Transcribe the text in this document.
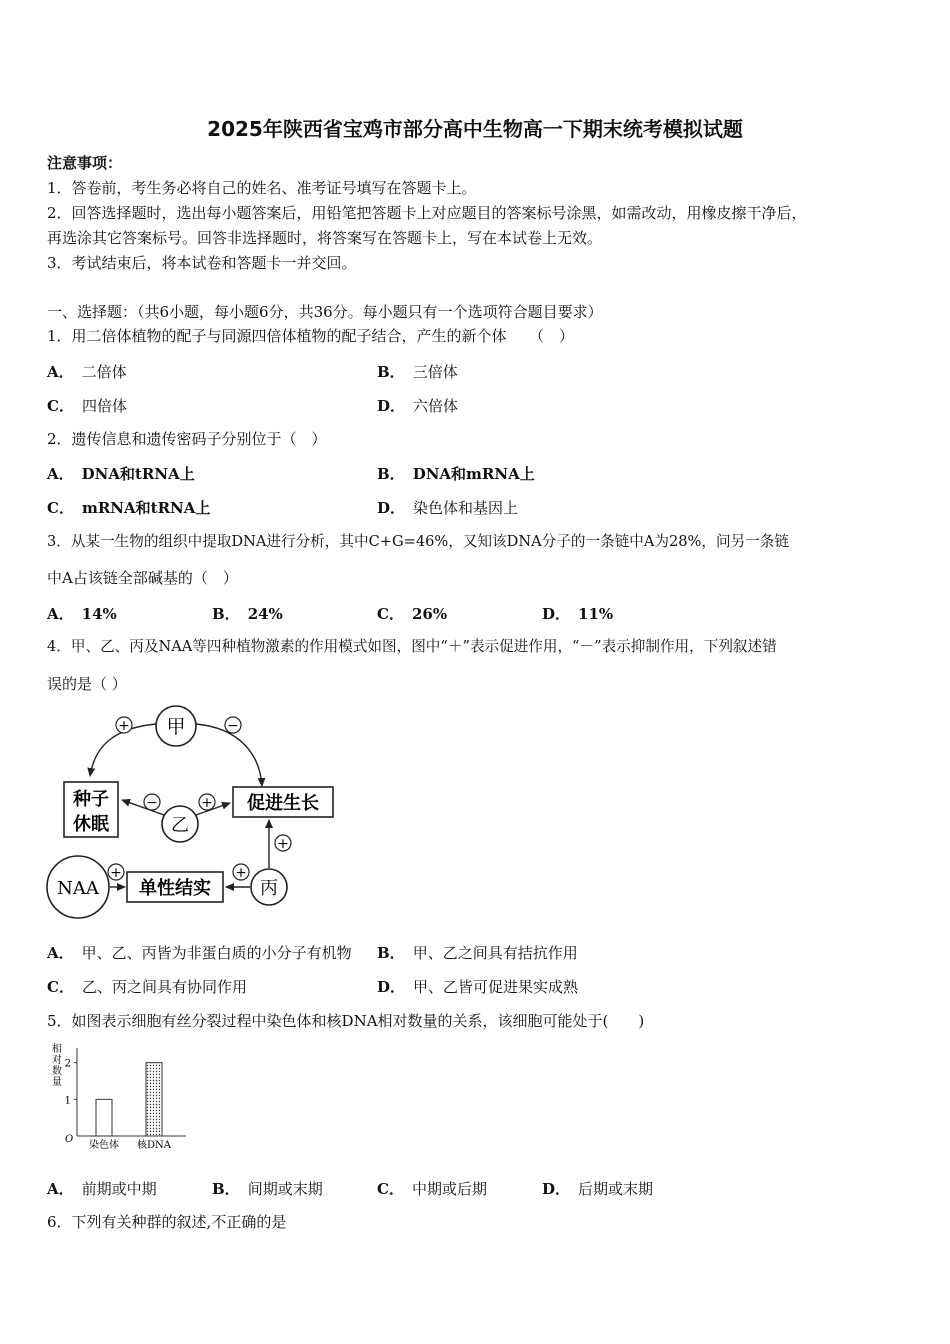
2025年陕西省宝鸡市部分高中生物高一下期末统考模拟试题
注意事项：
1．答卷前，考生务必将自己的姓名、准考证号填写在答题卡上。
2．回答选择题时，选出每小题答案后，用铅笔把答题卡上对应题目的答案标号涂黑，如需改动，用橡皮擦干净后，
再选涂其它答案标号。回答非选择题时，将答案写在答题卡上，写在本试卷上无效。
3．考试结束后，将本试卷和答题卡一并交回。
一、选择题：（共6小题，每小题6分，共36分。每小题只有一个选项符合题目要求）
1．用二倍体植物的配子与同源四倍体植物的配子结合，产生的新个体　　（　）
A． 二倍体	B． 三倍体
C． 四倍体	D． 六倍体
2．遗传信息和遗传密码子分别位于（　）
A． DNA和tRNA上	B． DNA和mRNA上
C． mRNA和tRNA上	D． 染色体和基因上
3．从某一生物的组织中提取DNA进行分析，其中C+G=46%，又知该DNA分子的一条链中A为28%，问另一条链
中A占该链全部碱基的（　）
A． 14%	B． 24%	C． 26%	D． 11%
4．甲、乙、丙及NAA等四种植物激素的作用模式如图，图中“＋”表示促进作用，“－”表示抑制作用，下列叙述错
误的是（ ）
甲
+	−
种子
休眠
促进生长
乙
−	+
NAA 单性结实	丙
+	+
+
A． 甲、乙、丙皆为非蛋白质的小分子有机物 B． 甲、乙之间具有拮抗作用
C． 乙、丙之间具有协同作用	D． 甲、乙皆可促进果实成熟
5．如图表示细胞有丝分裂过程中染色体和核DNA相对数量的关系，该细胞可能处于(　　)
相对数量
O
1
2
染色体 核DNA
A． 前期或中期	B． 间期或末期	C． 中期或后期	D． 后期或末期
6．下列有关种群的叙述,不正确的是
